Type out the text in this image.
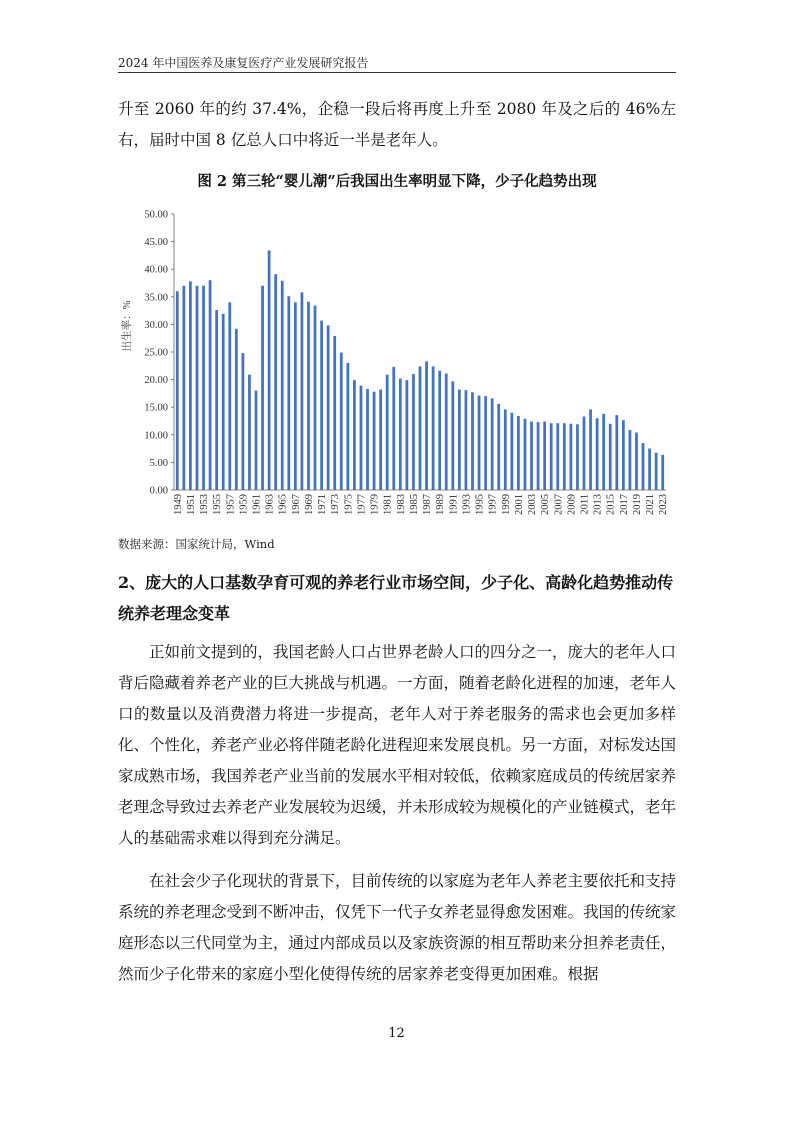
2024 年中国医养及康复医疗产业发展研究报告

升至 2060 年的约 37.4%，企稳一段后将再度上升至 2080 年及之后的 46%左右，届时中国 8 亿总人口中将近一半是老年人。

图 2 第三轮“婴儿潮”后我国出生率明显下降，少子化趋势出现
0.00
5.00
10.00
15.00
20.00
25.00
30.00
35.00
40.00
45.00
50.00
1949 1951 1953 1955 1957 1959 1961 1963 1965 1967 1969 1971 1973 1975 1977 1979 1981 1983 1985 1987 1989 1991 1993 1995 1997 1999 2001 2003 2005 2007 2009 2011 2013 2015 2017 2019 2021 2023
出生率：%
数据来源：国家统计局，Wind
2、庞大的人口基数孕育可观的养老行业市场空间，少子化、高龄化趋势推动传统养老理念变革

正如前文提到的，我国老龄人口占世界老龄人口的四分之一，庞大的老年人口背后隐藏着养老产业的巨大挑战与机遇。一方面，随着老龄化进程的加速，老年人口的数量以及消费潜力将进一步提高，老年人对于养老服务的需求也会更加多样化、个性化，养老产业必将伴随老龄化进程迎来发展良机。另一方面，对标发达国家成熟市场，我国养老产业当前的发展水平相对较低，依赖家庭成员的传统居家养老理念导致过去养老产业发展较为迟缓，并未形成较为规模化的产业链模式，老年人的基础需求难以得到充分满足。

在社会少子化现状的背景下，目前传统的以家庭为老年人养老主要依托和支持系统的养老理念受到不断冲击，仅凭下一代子女养老显得愈发困难。我国的传统家庭形态以三代同堂为主，通过内部成员以及家族资源的相互帮助来分担养老责任，然而少子化带来的家庭小型化使得传统的居家养老变得更加困难。根据

12
